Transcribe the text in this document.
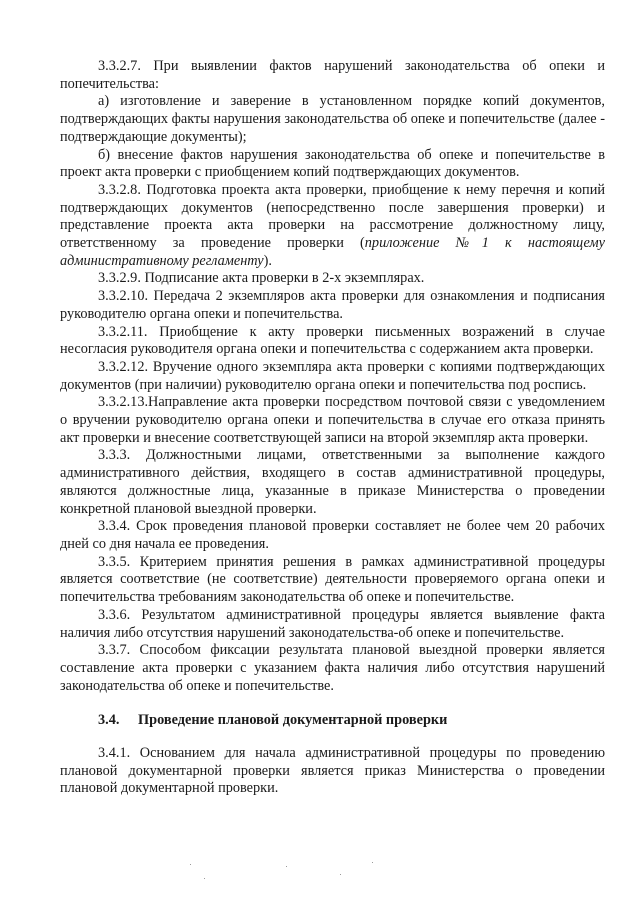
3.3.2.7. При выявлении фактов нарушений законодательства об опеки и попечительства:

а) изготовление и заверение в установленном порядке копий документов, подтверждающих факты нарушения законодательства об опеке и попечительстве (далее - подтверждающие документы);

б) внесение фактов нарушения законодательства об опеке и попечительстве в проект акта проверки с приобщением копий подтверждающих документов.

3.3.2.8. Подготовка проекта акта проверки, приобщение к нему перечня и копий подтверждающих документов (непосредственно после завершения проверки) и представление проекта акта проверки на рассмотрение должностному лицу, ответственному за проведение проверки (приложение №1 к настоящему административному регламенту).

3.3.2.9. Подписание акта проверки в 2-х экземплярах.

3.3.2.10. Передача 2 экземпляров акта проверки для ознакомления и подписания руководителю органа опеки и попечительства.

3.3.2.11. Приобщение к акту проверки письменных возражений в случае несогласия руководителя органа опеки и попечительства с содержанием акта проверки.

3.3.2.12. Вручение одного экземпляра акта проверки с копиями подтверждающих документов (при наличии) руководителю органа опеки и попечительства под роспись.

3.3.2.13.Направление акта проверки посредством почтовой связи с уведомлением о вручении руководителю органа опеки и попечительства в случае его отказа принять акт проверки и внесение соответствующей записи на второй экземпляр акта проверки.

3.3.3. Должностными лицами, ответственными за выполнение каждого административного действия, входящего в состав административной процедуры, являются должностные лица, указанные в приказе Министерства о проведении конкретной плановой выездной проверки.

3.3.4. Срок проведения плановой проверки составляет не более чем 20 рабочих дней со дня начала ее проведения.

3.3.5. Критерием принятия решения в рамках административной процедуры является соответствие (не соответствие) деятельности проверяемого органа опеки и попечительства требованиям законодательства об опеке и попечительстве.

3.3.6. Результатом административной процедуры является выявление факта наличия либо отсутствия нарушений законодательства-об опеке и попечительстве.

3.3.7. Способом фиксации результата плановой выездной проверки является составление акта проверки с указанием факта наличия либо отсутствия нарушений законодательства об опеке и попечительстве.

3.4. Проведение плановой документарной проверки

3.4.1. Основанием для начала административной процедуры по проведению плановой документарной проверки является приказ Министерства о проведении плановой документарной проверки.
